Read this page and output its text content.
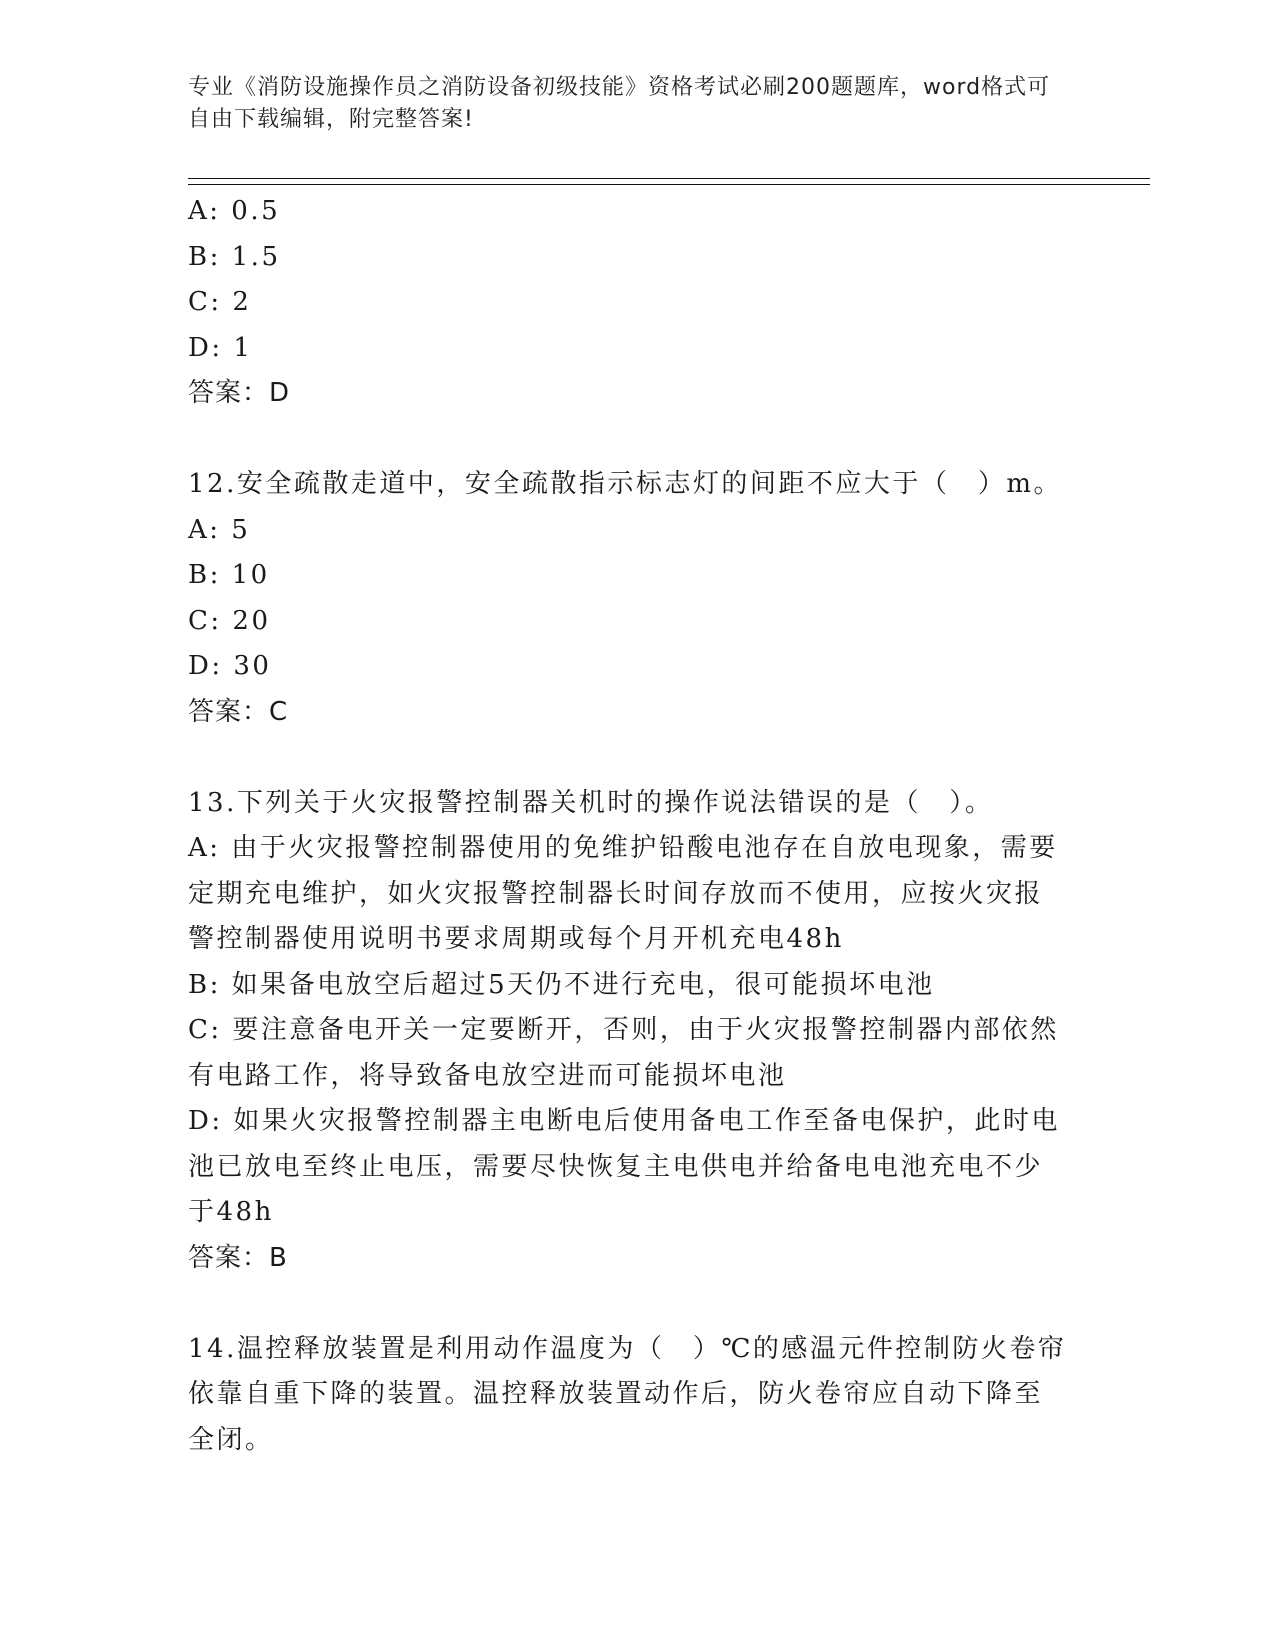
专业《消防设施操作员之消防设备初级技能》资格考试必刷200题题库，word格式可自由下载编辑，附完整答案!
A: 0.5
B: 1.5
C: 2
D: 1
答案：D
12.安全疏散走道中，安全疏散指示标志灯的间距不应大于（　）m。
A: 5
B: 10
C: 20
D: 30
答案：C
13.下列关于火灾报警控制器关机时的操作说法错误的是（　）。
A: 由于火灾报警控制器使用的免维护铅酸电池存在自放电现象，需要定期充电维护，如火灾报警控制器长时间存放而不使用，应按火灾报警控制器使用说明书要求周期或每个月开机充电48h
B: 如果备电放空后超过5天仍不进行充电，很可能损坏电池
C: 要注意备电开关一定要断开，否则，由于火灾报警控制器内部依然有电路工作，将导致备电放空进而可能损坏电池
D: 如果火灾报警控制器主电断电后使用备电工作至备电保护，此时电池已放电至终止电压，需要尽快恢复主电供电并给备电电池充电不少于48h
答案：B
14.温控释放装置是利用动作温度为（　）℃的感温元件控制防火卷帘依靠自重下降的装置。温控释放装置动作后，防火卷帘应自动下降至全闭。
